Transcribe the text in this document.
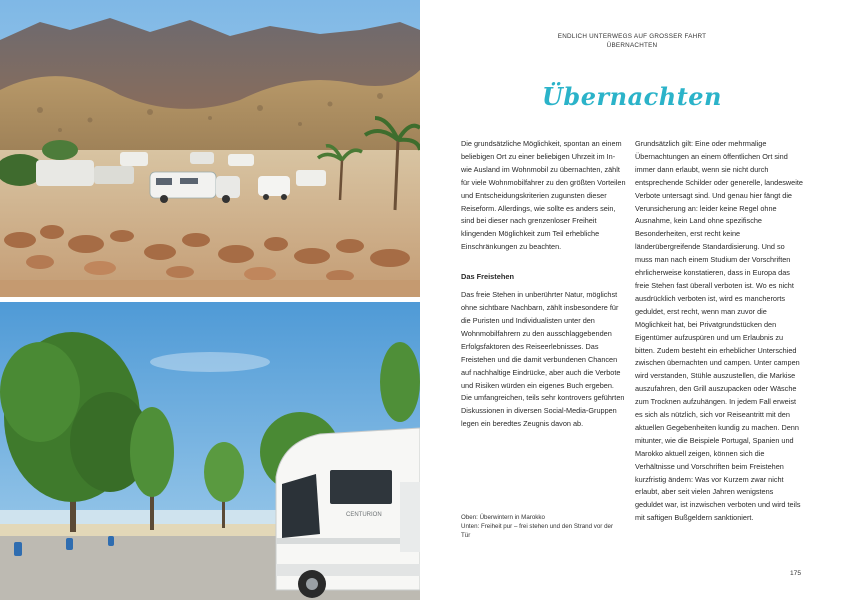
CENTURION
ENDLICH UNTERWEGS AUF GROSSER FAHRT
ÜBERNACHTEN
Übernachten

Die grundsätzliche Möglichkeit, spontan an einem beliebigen Ort zu einer beliebigen Uhrzeit im In- wie Ausland im Wohnmobil zu übernachten, zählt für viele Wohnmobilfahrer zu den größten Vorteilen und Entscheidungskriterien zugunsten dieser Reiseform. Allerdings, wie sollte es anders sein, sind bei dieser nach grenzenloser Freiheit klingenden Möglichkeit zum Teil erhebliche Einschränkungen zu beachten.

Das Freistehen

Das freie Stehen in unberührter Natur, möglichst ohne sichtbare Nachbarn, zählt insbesondere für die Puristen und Individualisten unter den Wohnmobilfahrern zu den ausschlaggebenden Erfolgsfaktoren des Reiseerlebnisses. Das Freistehen und die damit verbundenen Chancen auf nachhaltige Eindrücke, aber auch die Verbote und Risiken würden ein eigenes Buch ergeben. Die umfangreichen, teils sehr kontrovers geführten Diskussionen in diversen Social-Media-Gruppen legen ein beredtes Zeugnis davon ab.

Grundsätzlich gilt: Eine oder mehrmalige Übernachtungen an einem öffentlichen Ort sind immer dann erlaubt, wenn sie nicht durch entsprechende Schilder oder generelle, landesweite Verbote untersagt sind. Und genau hier fängt die Verunsicherung an: leider keine Regel ohne Ausnahme, kein Land ohne spezifische Besonderheiten, erst recht keine länderübergreifende Standardisierung. Und so muss man nach einem Studium der Vorschriften ehrlicherweise konstatieren, dass in Europa das freie Stehen fast überall verboten ist. Wo es nicht ausdrücklich verboten ist, wird es mancherorts geduldet, erst recht, wenn man zuvor die Möglichkeit hat, bei Privatgrundstücken den Eigentümer aufzuspüren und um Erlaubnis zu bitten. Zudem besteht ein erheblicher Unterschied zwischen übernachten und campen. Unter campen wird verstanden, Stühle auszustellen, die Markise auszufahren, den Grill auszupacken oder Wäsche zum Trocknen aufzuhängen. In jedem Fall erweist es sich als nützlich, sich vor Reiseantritt mit den aktuellen Gegebenheiten kundig zu machen. Denn mitunter, wie die Beispiele Portugal, Spanien und Marokko aktuell zeigen, können sich die Verhältnisse und Vorschriften beim Freistehen kurzfristig ändern: Was vor Kurzem zwar nicht erlaubt, aber seit vielen Jahren wenigstens geduldet war, ist inzwischen verboten und wird teils mit saftigen Bußgeldern sanktioniert.

Oben: Überwintern in Marokko
Unten: Freiheit pur – frei stehen und den Strand vor der Tür
175
